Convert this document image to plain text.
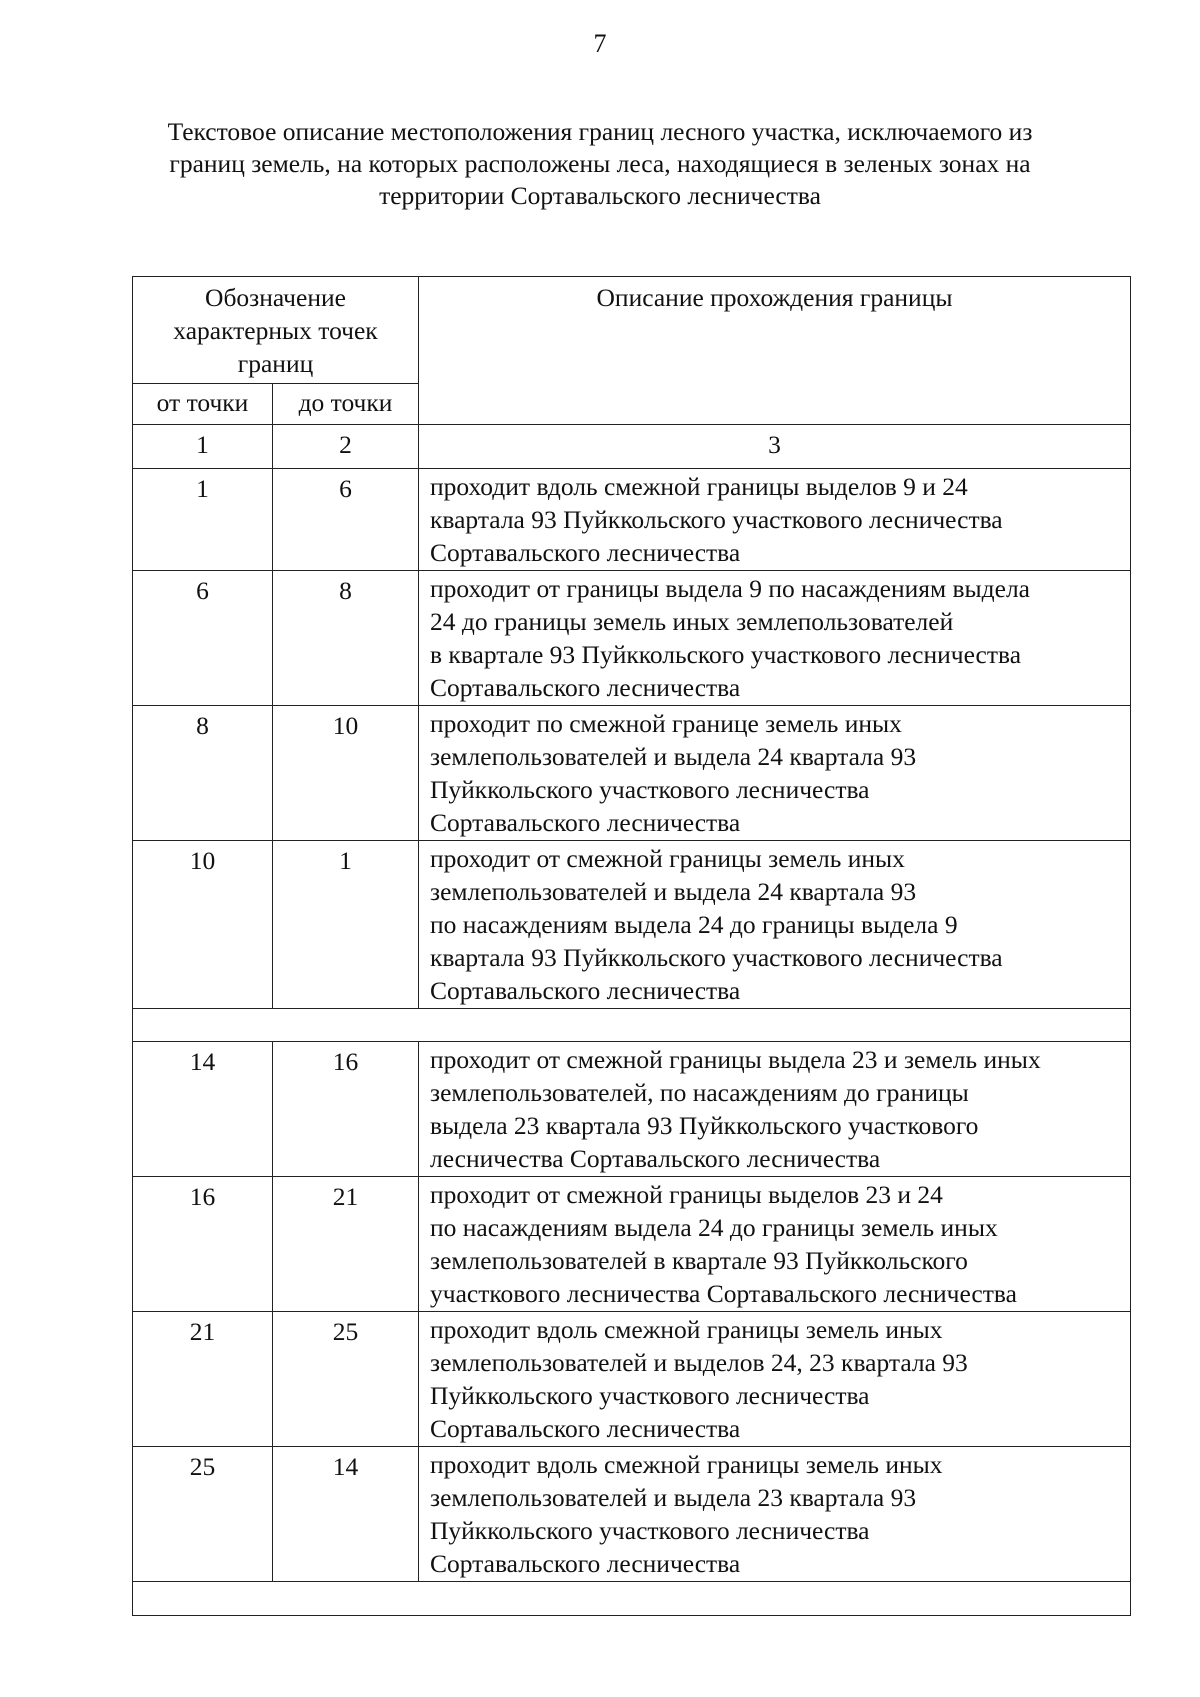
7
Текстовое описание местоположения границ лесного участка, исключаемого из
границ земель, на которых расположены леса, находящиеся в зеленых зонах на
территории Сортавальского лесничества
Обозначение характерных точек границ		Описание прохождения границы
от точки	до точки	
1	2	3
1	6	проходит вдоль смежной границы выделов 9 и 24
квартала 93 Пуйккольского участкового лесничества
Сортавальского лесничества

6	8	проходит от границы выдела 9 по насаждениям выдела
24 до границы земель иных землепользователей
в квартале 93 Пуйккольского участкового лесничества
Сортавальского лесничества

8	10	проходит по смежной границе земель иных
землепользователей и выдела 24 квартала 93
Пуйккольского участкового лесничества
Сортавальского лесничества

10	1	проходит от смежной границы земель иных
землепользователей и выдела 24 квартала 93
по насаждениям выдела 24 до границы выдела 9
квартала 93 Пуйккольского участкового лесничества
Сортавальского лесничества

14	16	проходит от смежной границы выдела 23 и земель иных
землепользователей, по насаждениям до границы
выдела 23 квартала 93 Пуйккольского участкового
лесничества Сортавальского лесничества

16	21	проходит от смежной границы выделов 23 и 24
по насаждениям выдела 24 до границы земель иных
землепользователей в квартале 93 Пуйккольского
участкового лесничества Сортавальского лесничества

21	25	проходит вдоль смежной границы земель иных
землепользователей и выделов 24, 23 квартала 93
Пуйккольского участкового лесничества
Сортавальского лесничества

25	14	проходит вдоль смежной границы земель иных
землепользователей и выдела 23 квартала 93
Пуйккольского участкового лесничества
Сортавальского лесничества
